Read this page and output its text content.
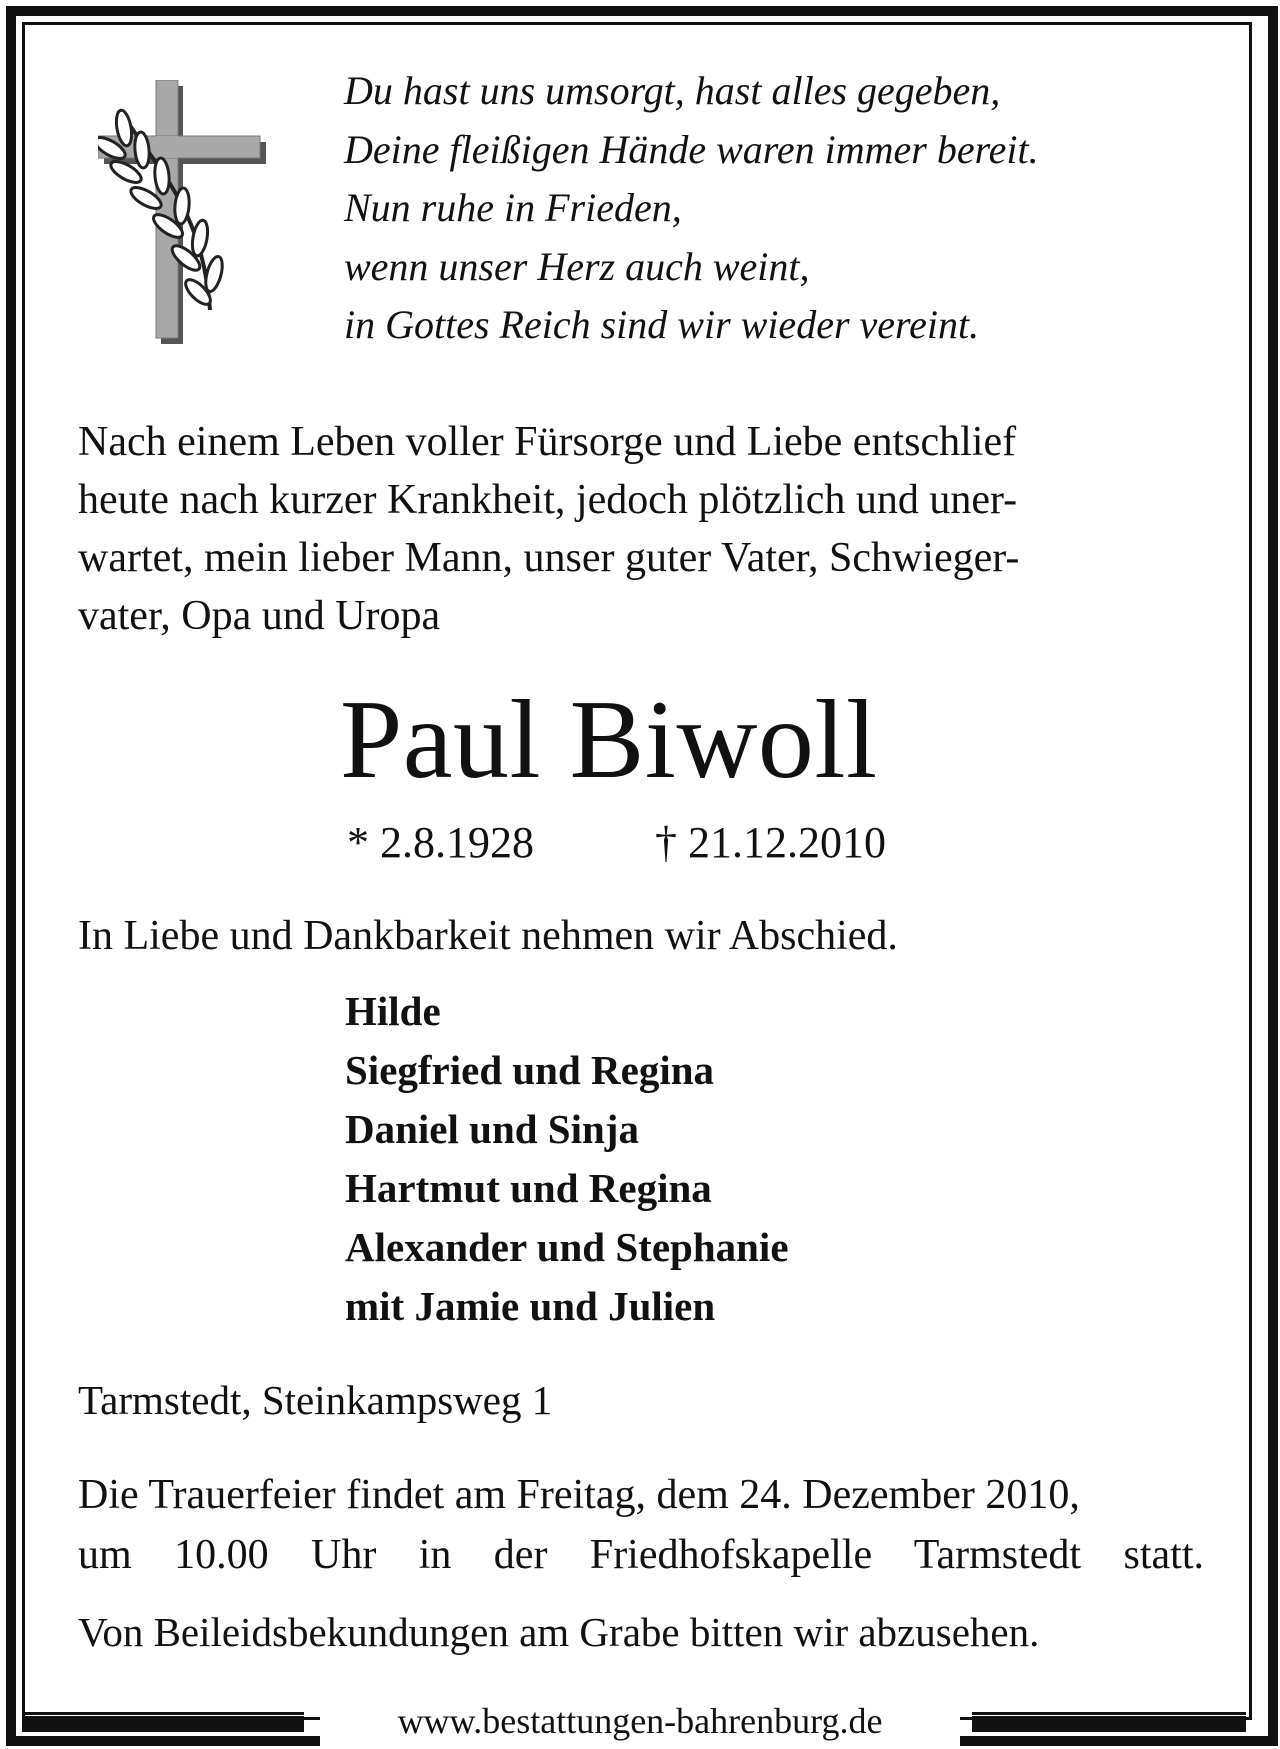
Du hast uns umsorgt, hast alles gegeben,
Deine fleißigen Hände waren immer bereit.
Nun ruhe in Frieden,
wenn unser Herz auch weint,
in Gottes Reich sind wir wieder vereint.
Nach einem Leben voller Fürsorge und Liebe entschlief
heute nach kurzer Krankheit, jedoch plötzlich und uner-
wartet, mein lieber Mann, unser guter Vater, Schwieger-
vater, Opa und Uropa
Paul Biwoll
* 2.8.1928	† 21.12.2010
In Liebe und Dankbarkeit nehmen wir Abschied.
Hilde
Siegfried und Regina
Daniel und Sinja
Hartmut und Regina
Alexander und Stephanie
mit Jamie und Julien
Tarmstedt, Steinkampsweg 1
Die Trauerfeier findet am Freitag, dem 24. Dezember 2010,
um 10.00 Uhr in der Friedhofskapelle Tarmstedt statt.
Von Beileidsbekundungen am Grabe bitten wir abzusehen.
www.bestattungen-bahrenburg.de
